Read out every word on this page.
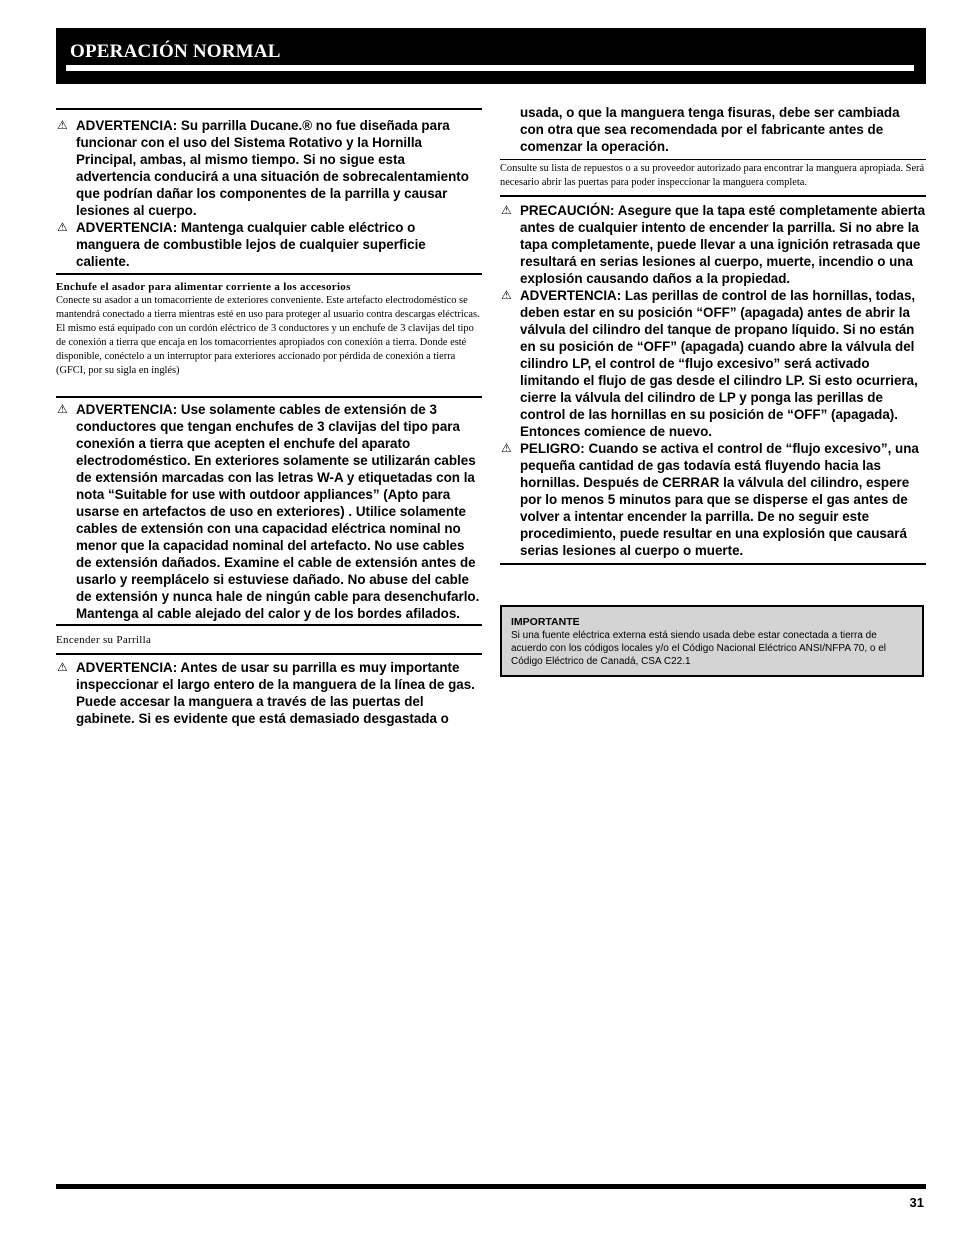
OPERACIÓN NORMAL
⚠ ADVERTENCIA: Su parrilla Ducane.® no fue diseñada para funcionar con el uso del Sistema Rotativo y la Hornilla Principal, ambas, al mismo tiempo. Si no sigue esta advertencia conducirá a una situación de sobrecalentamiento que podrían dañar los componentes de la parrilla y causar lesiones al cuerpo.
⚠ ADVERTENCIA: Mantenga cualquier cable eléctrico o manguera de combustible lejos de cualquier superficie caliente.
Enchufe el asador para alimentar corriente a los accesorios
Conecte su asador a un tomacorriente de exteriores conveniente. Este artefacto electrodoméstico se mantendrá conectado a tierra mientras esté en uso para proteger al usuario contra descargas eléctricas. El mismo está equipado con un cordón eléctrico de 3 conductores y un enchufe de 3 clavijas del tipo de conexión a tierra que encaja en los tomacorrientes apropiados con conexión a tierra. Donde esté disponible, conéctelo a un interruptor para exteriores accionado por pérdida de conexión a tierra (GFCI, por su sigla en inglés)
⚠ ADVERTENCIA: Use solamente cables de extensión de 3 conductores que tengan enchufes de 3 clavijas del tipo para conexión a tierra que acepten el enchufe del aparato electrodoméstico. En exteriores solamente se utilizarán cables de extensión marcadas con las letras W-A y etiquetadas con la nota “Suitable for use with outdoor appliances” (Apto para usarse en artefactos de uso en exteriores) . Utilice solamente cables de extensión con una capacidad eléctrica nominal no menor que la capacidad nominal del artefacto. No use cables de extensión dañados. Examine el cable de extensión antes de usarlo y reemplácelo si estuviese dañado. No abuse del cable de extensión y nunca hale de ningún cable para desenchufarlo. Mantenga al cable alejado del calor y de los bordes afilados.
Encender su Parrilla
⚠ ADVERTENCIA: Antes de usar su parrilla es muy importante inspeccionar el largo entero de la manguera de la línea de gas. Puede accesar la manguera a través de las puertas del gabinete. Si es evidente que está demasiado desgastada o
usada, o que la manguera tenga fisuras, debe ser cambiada con otra que sea recomendada por el fabricante antes de comenzar la operación.
Consulte su lista de repuestos o a su proveedor autorizado para encontrar la manguera apropiada. Será necesario abrir las puertas para poder inspeccionar la manguera completa.
⚠ PRECAUCIÓN: Asegure que la tapa esté completamente abierta antes de cualquier intento de encender la parrilla. Si no abre la tapa completamente, puede llevar a una ignición retrasada que resultará en serias lesiones al cuerpo, muerte, incendio o una explosión causando daños a la propiedad.
⚠ ADVERTENCIA: Las perillas de control de las hornillas, todas, deben estar en su posición “OFF” (apagada) antes de abrir la válvula del cilindro del tanque de propano líquido. Si no están en su posición de “OFF” (apagada) cuando abre la válvula del cilindro LP, el control de “flujo excesivo” será activado limitando el flujo de gas desde el cilindro LP. Si esto ocurriera, cierre la válvula del cilindro de LP y ponga las perillas de control de las hornillas en su posición de “OFF” (apagada). Entonces comience de nuevo.
⚠ PELIGRO: Cuando se activa el control de “flujo excesivo”, una pequeña cantidad de gas todavía está fluyendo hacia las hornillas. Después de CERRAR la válvula del cilindro, espere por lo menos 5 minutos para que se disperse el gas antes de volver a intentar encender la parrilla. De no seguir este procedimiento, puede resultar en una explosión que causará serias lesiones al cuerpo o muerte.
IMPORTANTE
Si una fuente eléctrica externa está siendo usada debe estar conectada a tierra de acuerdo con los códigos locales y/o el Código Nacional Eléctrico ANSI/NFPA 70, o el Código Eléctrico de Canadá, CSA C22.1
31
